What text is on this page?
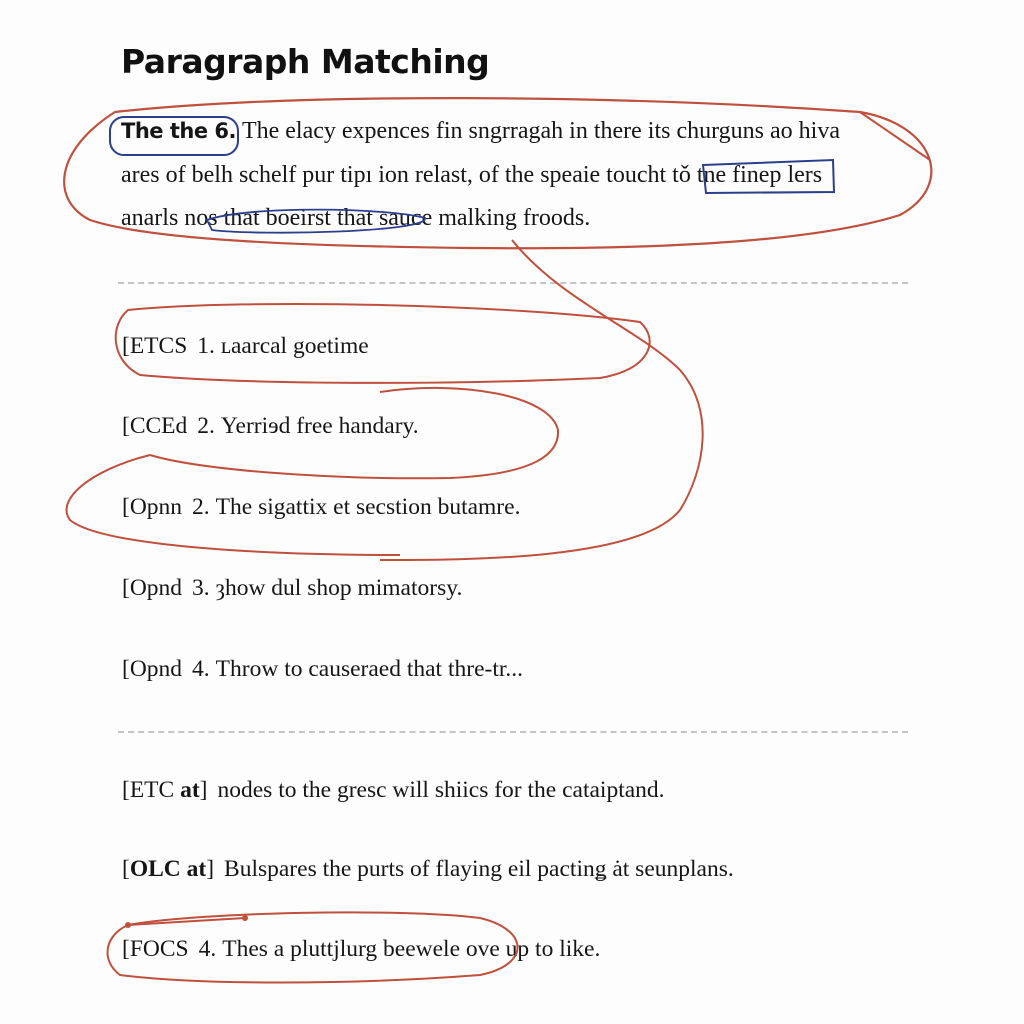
Paragraph Matching
The the 6. The elacy expences fin sngrragah in there its churguns ao hiva
ares of belh schelf pur tipı ion relast, of the speaie toucht tǒ tne finep lers
anarls nos that boeirst that sauce malking froods.
[ETCS 1. ʟaarcal goetime
[CCEd 2. Yerriɘd free handary.
[Opnn 2. The sigattix et secstion butamre.
[Opnd 3. ȝhow dul shop mimatorsy.
[Opnd 4. Throw to causeraed that thre-tr...
[ETC at] nodes to the gresc will shiics for the cataiptand.
[OLC at] Bulspares the purts of flaying eil pactinǥ ȧt seunplans.
[FOCS 4. Thes a pluttjlurg beewele ove up to like.
